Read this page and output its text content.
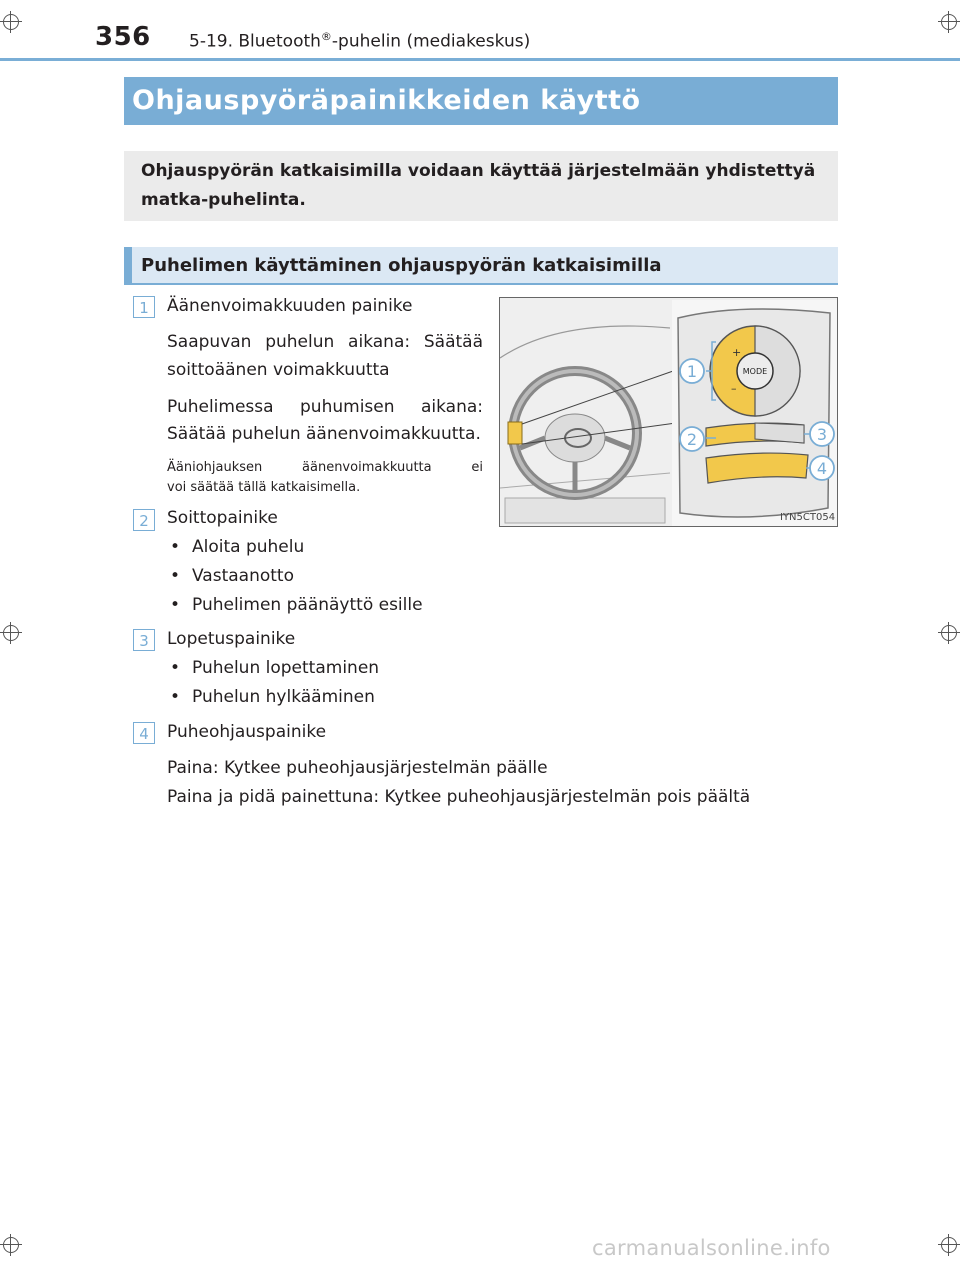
356 5-19. Bluetooth®-puhelin (mediakeskus)
Ohjauspyöräpainikkeiden käyttö
Ohjauspyörän katkaisimilla voidaan käyttää järjestelmään yhdistettyä matka-puhelinta.
Puhelimen käyttäminen ohjauspyörän katkaisimilla
1	Äänenvoimakkuuden painike
Saapuvan puhelun aikana: Säätää
soittoäänen voimakkuutta
Puhelimessa puhumisen aikana:
Säätää puhelun äänenvoimakkuutta.
Ääniohjauksen äänenvoimakkuutta ei
voi säätää tällä katkaisimella.
2	Soittopainike
• Aloita puhelu
• Vastaanotto
• Puhelimen päänäyttö esille
3	Lopetuspainike
• Puhelun lopettaminen
• Puhelun hylkääminen
4	Puheohjauspainike
Paina: Kytkee puheohjausjärjestelmän päälle
Paina ja pidä painettuna: Kytkee puheohjausjärjestelmän pois päältä
MODE
+
–
1
2	3
4
IYN5CT054
carmanualsonline.info
